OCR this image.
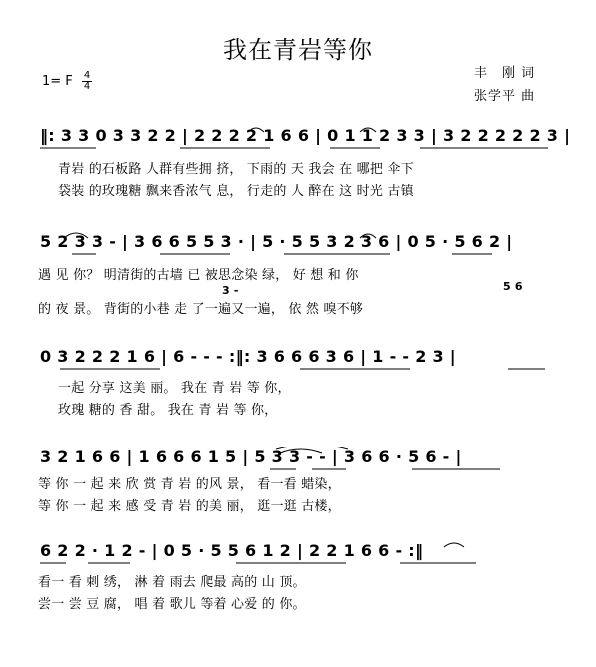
我在青岩等你
1= F 4
4
丰　刚 词
张学平 曲
‖: 3 3 0 3 3 2 2 | 2 2 2 2 1 6 6 | 0 1 1 2 3 3 | 3 2 2 2 2 2 3 |
青岩 的石板路 人群有些拥 挤， 下雨的 天 我会 在 哪把 伞下
袋装 的玫瑰糖 飘来香浓气 息， 行走的 人 醉在 这 时光 古镇
5 2 3 3 - | 3 6 6 5 5 3 · | 5 · 5 5 3 2 3 6 | 0 5 · 5 6 2 |
遇 见 你？ 明清街的古墙 已 被思念染 绿， 好 想 和 你
3 -	5 6
的 夜 景。 背街的小巷 走 了一遍又一遍， 依 然 嗅不够
0 3 2 2 2 1 6 | 6 - - - :‖: 3 6 6 6 3 6 | 1 - - 2 3 |
一起 分享 这美 丽。 我在 青 岩 等 你，
玫瑰 糖的 香 甜。 我在 青 岩 等 你，
3 2 1 6 6 | 1 6 6 6 1 5 | 5 3 3 - - | 3 6 6 · 5 6 - |
等 你 一 起 来 欣 赏 青 岩 的风 景， 看一看 蜡染，
等 你 一 起 来 感 受 青 岩 的美 丽， 逛一逛 古楼，
6 2 2 · 1 2 - | 0 5 · 5 5 6 1 2 | 2 2 1 6 6 - :‖
看一 看 刺 绣， 淋 着 雨去 爬最 高的 山 顶。
尝一 尝 豆 腐， 唱 着 歌儿 等着 心爱 的 你。
